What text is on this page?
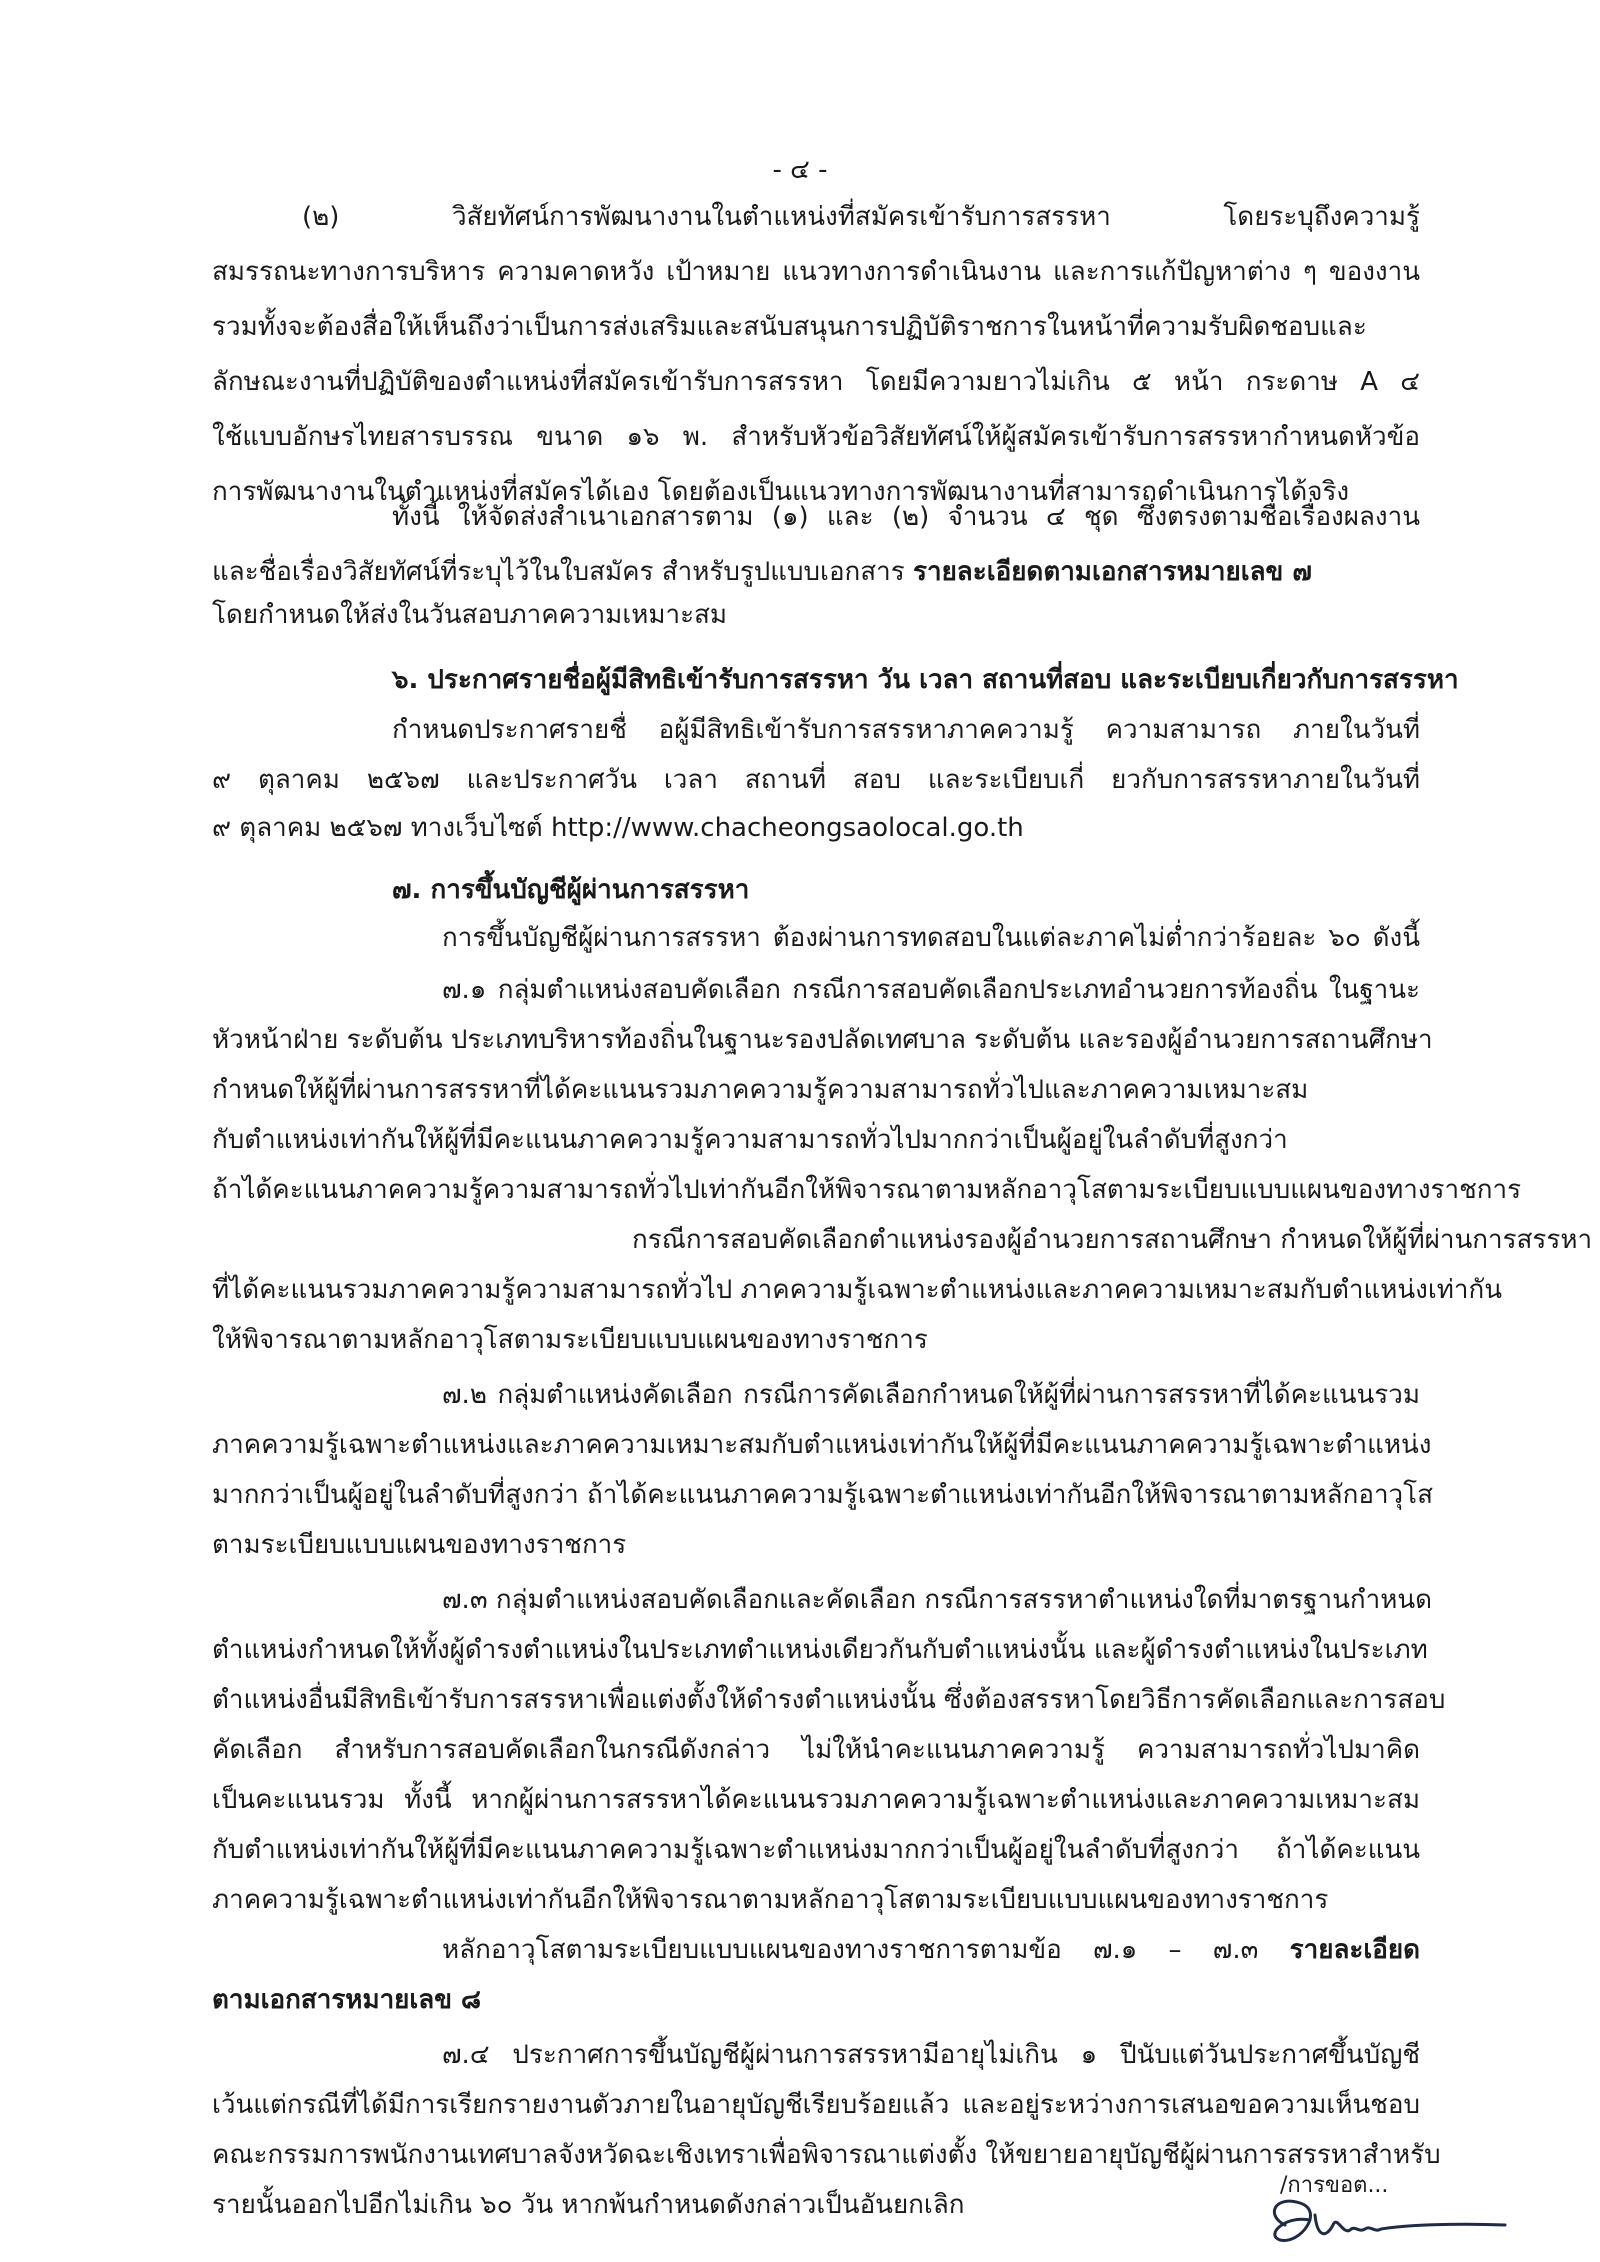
- ๔ -
(๒) วิสัยทัศน์การพัฒนางานในตำแหน่งที่สมัครเข้ารับการสรรหา โดยระบุถึงความรู้
สมรรถนะทางการบริหาร ความคาดหวัง เป้าหมาย แนวทางการดำเนินงาน และการแก้ปัญหาต่าง ๆ ของงาน
รวมทั้งจะต้องสื่อให้เห็นถึงว่าเป็นการส่งเสริมและสนับสนุนการปฏิบัติราชการในหน้าที่ความรับผิดชอบและ
ลักษณะงานที่ปฏิบัติของตำแหน่งที่สมัครเข้ารับการสรรหา โดยมีความยาวไม่เกิน ๕ หน้า กระดาษ A ๔
ใช้แบบอักษรไทยสารบรรณ ขนาด ๑๖ พ. สำหรับหัวข้อวิสัยทัศน์ให้ผู้สมัครเข้ารับการสรรหากำหนดหัวข้อ
การพัฒนางานในตำแหน่งที่สมัครได้เอง โดยต้องเป็นแนวทางการพัฒนางานที่สามารถดำเนินการได้จริง
ทั้งนี้ ให้จัดส่งสำเนาเอกสารตาม (๑) และ (๒) จำนวน ๔ ชุด ซึ่งตรงตามชื่อเรื่องผลงาน
และชื่อเรื่องวิสัยทัศน์ที่ระบุไว้ในใบสมัคร สำหรับรูปแบบเอกสาร รายละเอียดตามเอกสารหมายเลข ๗
โดยกำหนดให้ส่งในวันสอบภาคความเหมาะสม
๖. ประกาศรายชื่อผู้มีสิทธิเข้ารับการสรรหา วัน เวลา สถานที่สอบ และระเบียบเกี่ยวกับการสรรหา
กำหนดประกาศรายชื่ อผู้มีสิทธิเข้ารับการสรรหาภาคความรู้ ความสามารถ ภายในวันที่
๙ ตุลาคม ๒๕๖๗ และประกาศวัน เวลา สถานที่ สอบ และระเบียบเกี่ ยวกับการสรรหาภายในวันที่
๙ ตุลาคม ๒๕๖๗ ทางเว็บไซต์ http://www.chacheongsaolocal.go.th
๗. การขึ้นบัญชีผู้ผ่านการสรรหา
การขึ้นบัญชีผู้ผ่านการสรรหา ต้องผ่านการทดสอบในแต่ละภาคไม่ต่ำกว่าร้อยละ ๖๐ ดังนี้
๗.๑ กลุ่มตำแหน่งสอบคัดเลือก กรณีการสอบคัดเลือกประเภทอำนวยการท้องถิ่น ในฐานะ
หัวหน้าฝ่าย ระดับต้น ประเภทบริหารท้องถิ่นในฐานะรองปลัดเทศบาล ระดับต้น และรองผู้อำนวยการสถานศึกษา
กำหนดให้ผู้ที่ผ่านการสรรหาที่ได้คะแนนรวมภาคความรู้ความสามารถทั่วไปและภาคความเหมาะสม
กับตำแหน่งเท่ากันให้ผู้ที่มีคะแนนภาคความรู้ความสามารถทั่วไปมากกว่าเป็นผู้อยู่ในลำดับที่สูงกว่า
ถ้าได้คะแนนภาคความรู้ความสามารถทั่วไปเท่ากันอีกให้พิจารณาตามหลักอาวุโสตามระเบียบแบบแผนของทางราชการ
กรณีการสอบคัดเลือกตำแหน่งรองผู้อำนวยการสถานศึกษา กำหนดให้ผู้ที่ผ่านการสรรหา
ที่ได้คะแนนรวมภาคความรู้ความสามารถทั่วไป ภาคความรู้เฉพาะตำแหน่งและภาคความเหมาะสมกับตำแหน่งเท่ากัน
ให้พิจารณาตามหลักอาวุโสตามระเบียบแบบแผนของทางราชการ
๗.๒ กลุ่มตำแหน่งคัดเลือก กรณีการคัดเลือกกำหนดให้ผู้ที่ผ่านการสรรหาที่ได้คะแนนรวม
ภาคความรู้เฉพาะตำแหน่งและภาคความเหมาะสมกับตำแหน่งเท่ากันให้ผู้ที่มีคะแนนภาคความรู้เฉพาะตำแหน่ง
มากกว่าเป็นผู้อยู่ในลำดับที่สูงกว่า ถ้าได้คะแนนภาคความรู้เฉพาะตำแหน่งเท่ากันอีกให้พิจารณาตามหลักอาวุโส
ตามระเบียบแบบแผนของทางราชการ
๗.๓ กลุ่มตำแหน่งสอบคัดเลือกและคัดเลือก กรณีการสรรหาตำแหน่งใดที่มาตรฐานกำหนด
ตำแหน่งกำหนดให้ทั้งผู้ดำรงตำแหน่งในประเภทตำแหน่งเดียวกันกับตำแหน่งนั้น และผู้ดำรงตำแหน่งในประเภท
ตำแหน่งอื่นมีสิทธิเข้ารับการสรรหาเพื่อแต่งตั้งให้ดำรงตำแหน่งนั้น ซึ่งต้องสรรหาโดยวิธีการคัดเลือกและการสอบ
คัดเลือก สำหรับการสอบคัดเลือกในกรณีดังกล่าว ไม่ให้นำคะแนนภาคความรู้ ความสามารถทั่วไปมาคิด
เป็นคะแนนรวม ทั้งนี้ หากผู้ผ่านการสรรหาได้คะแนนรวมภาคความรู้เฉพาะตำแหน่งและภาคความเหมาะสม
กับตำแหน่งเท่ากันให้ผู้ที่มีคะแนนภาคความรู้เฉพาะตำแหน่งมากกว่าเป็นผู้อยู่ในลำดับที่สูงกว่า ถ้าได้คะแนน
ภาคความรู้เฉพาะตำแหน่งเท่ากันอีกให้พิจารณาตามหลักอาวุโสตามระเบียบแบบแผนของทางราชการ
หลักอาวุโสตามระเบียบแบบแผนของทางราชการตามข้อ ๗.๑ – ๗.๓ รายละเอียด
ตามเอกสารหมายเลข ๘
๗.๔ ประกาศการขึ้นบัญชีผู้ผ่านการสรรหามีอายุไม่เกิน ๑ ปีนับแต่วันประกาศขึ้นบัญชี
เว้นแต่กรณีที่ได้มีการเรียกรายงานตัวภายในอายุบัญชีเรียบร้อยแล้ว และอยู่ระหว่างการเสนอขอความเห็นชอบ
คณะกรรมการพนักงานเทศบาลจังหวัดฉะเชิงเทราเพื่อพิจารณาแต่งตั้ง ให้ขยายอายุบัญชีผู้ผ่านการสรรหาสำหรับ
รายนั้นออกไปอีกไม่เกิน ๖๐ วัน หากพ้นกำหนดดังกล่าวเป็นอันยกเลิก
/การขอต...
